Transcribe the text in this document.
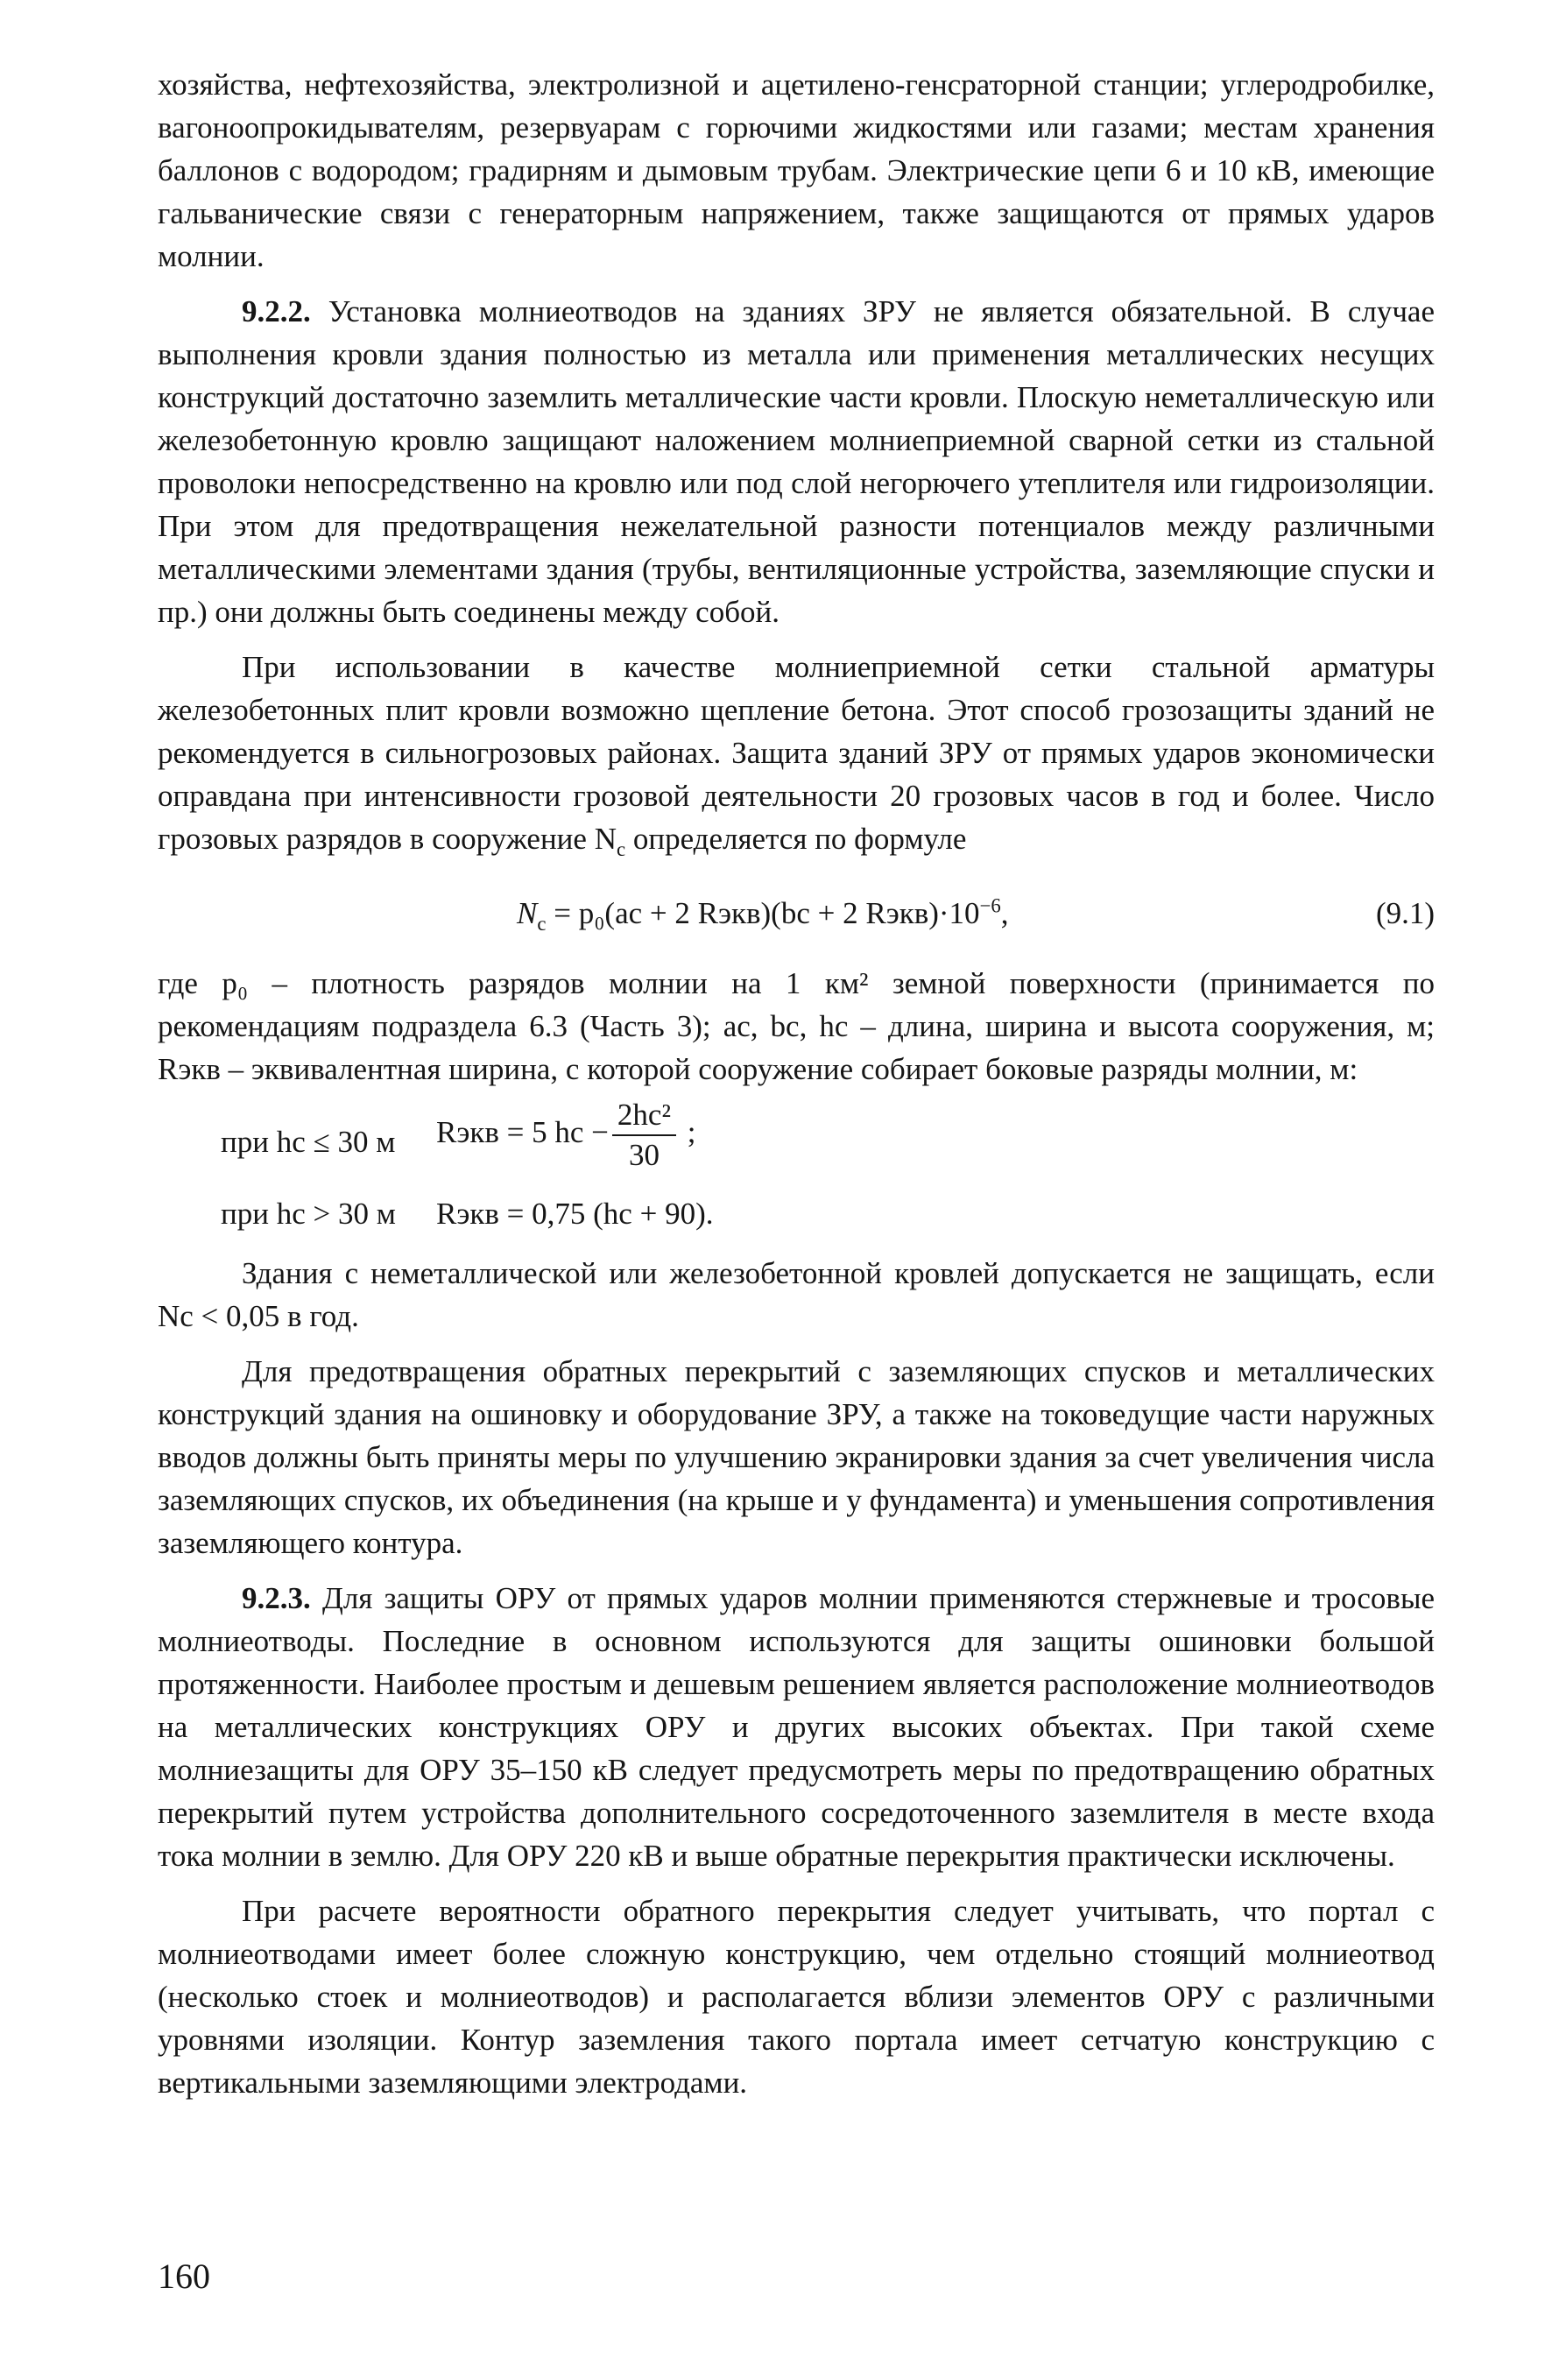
хозяйства, нефтехозяйства, электролизной и ацетилено-генсраторной станции; углеродробилке, вагоноопрокидывателям, резервуарам с горючими жидкостями или газами; местам хранения баллонов с водородом; градирням и дымовым трубам. Электрические цепи 6 и 10 кВ, имеющие гальванические связи с генераторным напряжением, также защищаются от прямых ударов молнии.

9.2.2. Установка молниеотводов на зданиях ЗРУ не является обязательной. В случае выполнения кровли здания полностью из металла или применения металлических несущих конструкций достаточно заземлить металлические части кровли. Плоскую неметаллическую или железобетонную кровлю защищают наложением молниеприемной сварной сетки из стальной проволоки непосредственно на кровлю или под слой негорючего утеплителя или гидроизоляции. При этом для предотвращения нежелательной разности потенциалов между различными металлическими элементами здания (трубы, вентиляционные устройства, заземляющие спуски и пр.) они должны быть соединены между собой.

При использовании в качестве молниеприемной сетки стальной арматуры железобетонных плит кровли возможно щепление бетона. Этот способ грозозащиты зданий не рекомендуется в сильногрозовых районах. Защита зданий ЗРУ от прямых ударов экономически оправдана при интенсивности грозовой деятельности 20 грозовых часов в год и более. Число грозовых разрядов в сооружение $N_с$ определяется по формуле

$N_с = p_0(aс + 2$ Rэкв)(bс + 2 $Rэкв)\cdot 10^{-6}$,	(9.1)

где p₀ – плотность разрядов молнии на 1 км² земной поверхности (принимается по рекомендациям подраздела 6.3 (Часть 3); aс, bс, hс – длина, ширина и высота сооружения, м; Rэкв – эквивалентная ширина, с которой сооружение собирает боковые разряды молнии, м:

при hс ≤ 30 м Rэкв = 5 hс − $\frac{\text{2hс²}}{30}$ ;
при hс > 30 м Rэкв = 0,75 (hс + 90).

Здания с неметаллической или железобетонной кровлей допускается не защищать, если Nс < 0,05 в год.

Для предотвращения обратных перекрытий с заземляющих спусков и металлических конструкций здания на ошиновку и оборудование ЗРУ, а также на токоведущие части наружных вводов должны быть приняты меры по улучшению экранировки здания за счет увеличения числа заземляющих спусков, их объединения (на крыше и у фундамента) и уменьшения сопротивления заземляющего контура.

9.2.3. Для защиты ОРУ от прямых ударов молнии применяются стержневые и тросовые молниеотводы. Последние в основном используются для защиты ошиновки большой протяженности. Наиболее простым и дешевым решением является расположение молниеотводов на металлических конструкциях ОРУ и других высоких объектах. При такой схеме молниезащиты для ОРУ 35–150 кВ следует предусмотреть меры по предотвращению обратных перекрытий путем устройства дополнительного сосредоточенного заземлителя в месте входа тока молнии в землю. Для ОРУ 220 кВ и выше обратные перекрытия практически исключены.

При расчете вероятности обратного перекрытия следует учитывать, что портал с молниеотводами имеет более сложную конструкцию, чем отдельно стоящий молниеотвод (несколько стоек и молниеотводов) и располагается вблизи элементов ОРУ с различными уровнями изоляции. Контур заземления такого портала имеет сетчатую конструкцию с вертикальными заземляющими электродами.

160
